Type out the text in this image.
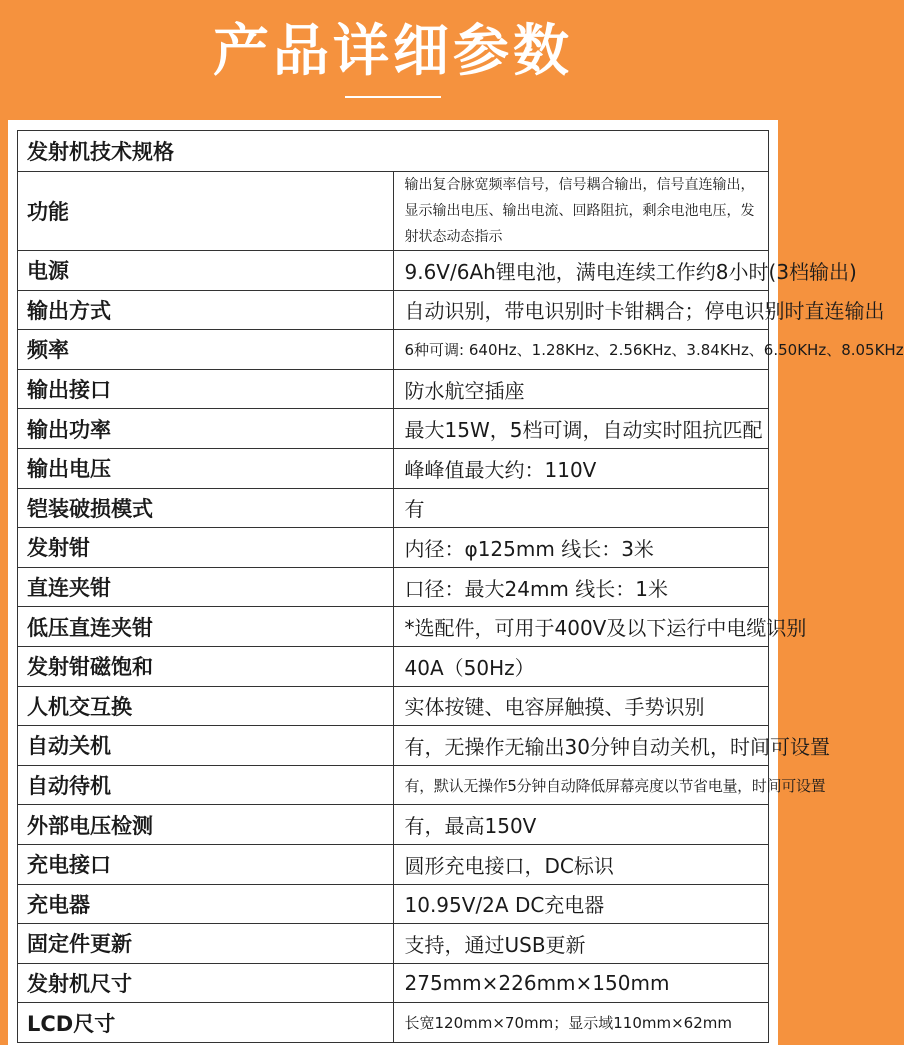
产品详细参数
发射机技术规格	
功能	输出复合脉宽频率信号，信号耦合输出，信号直连输出，显示输出电压、输出电流、回路阻抗，剩余电池电压，发射状态动态指示
电源	9.6V/6Ah锂电池，满电连续工作约8小时(3档输出)
输出方式	自动识别，带电识别时卡钳耦合；停电识别时直连输出
频率	6种可调: 640Hz、1.28KHz、2.56KHz、3.84KHz、6.50KHz、8.05KHz
输出接口	防水航空插座
输出功率	最大15W，5档可调，自动实时阻抗匹配
输出电压	峰峰值最大约：110V
铠装破损模式	有
发射钳	内径：φ125mm 线长：3米
直连夹钳	口径：最大24mm 线长：1米
低压直连夹钳	*选配件，可用于400V及以下运行中电缆识别
发射钳磁饱和	40A（50Hz）
人机交互换	实体按键、电容屏触摸、手势识别
自动关机	有，无操作无输出30分钟自动关机，时间可设置
自动待机	有，默认无操作5分钟自动降低屏幕亮度以节省电量，时间可设置
外部电压检测	有，最高150V
充电接口	圆形充电接口，DC标识
充电器	10.95V/2A DC充电器
固定件更新	支持，通过USB更新
发射机尺寸	275mm×226mm×150mm
LCD尺寸	长宽120mm×70mm；显示域110mm×62mm
